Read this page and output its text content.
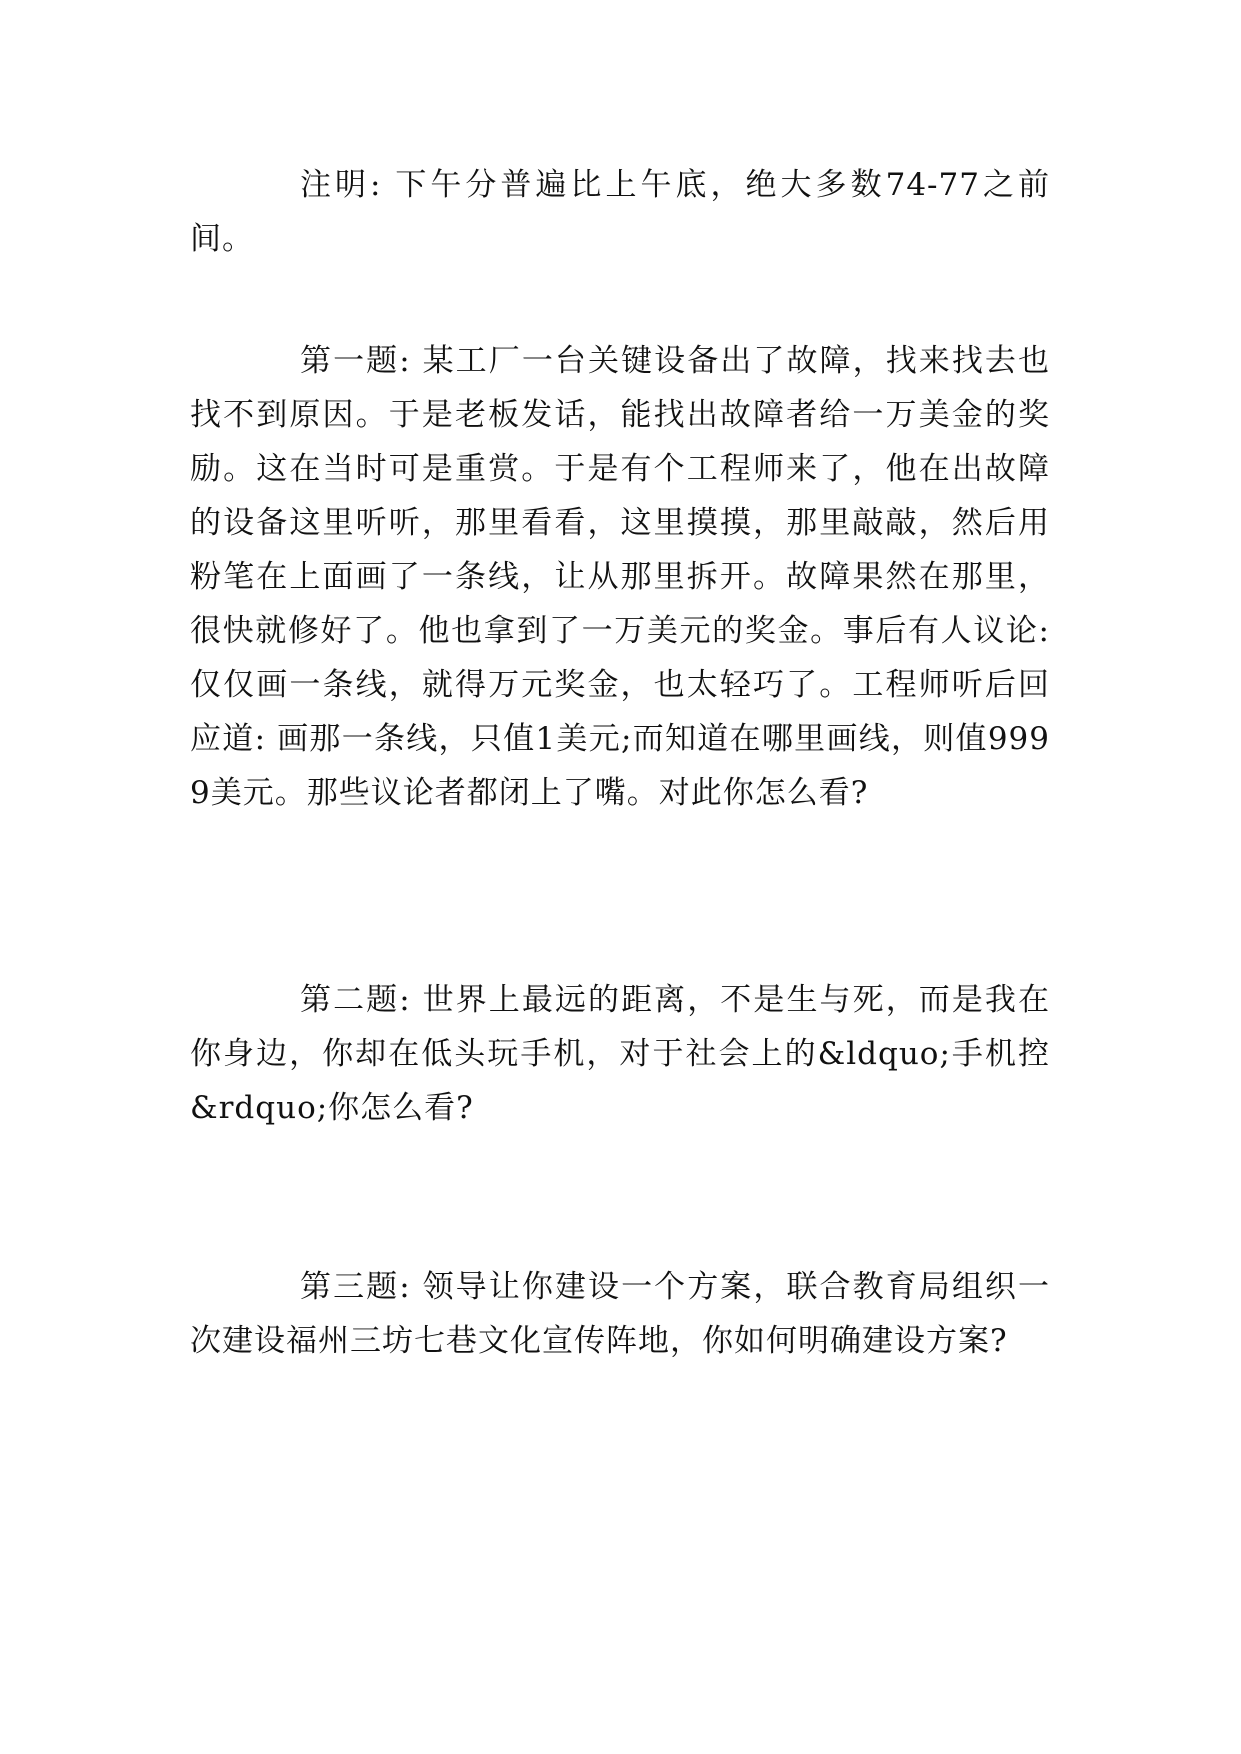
注明: 下午分普遍比上午底，绝大多数74-77之前间。

第一题: 某工厂一台关键设备出了故障，找来找去也找不到原因。于是老板发话，能找出故障者给一万美金的奖励。这在当时可是重赏。于是有个工程师来了，他在出故障的设备这里听听，那里看看，这里摸摸，那里敲敲，然后用粉笔在上面画了一条线，让从那里拆开。故障果然在那里，很快就修好了。他也拿到了一万美元的奖金。事后有人议论: 仅仅画一条线，就得万元奖金，也太轻巧了。工程师听后回应道: 画那一条线，只值1美元;而知道在哪里画线，则值9999美元。那些议论者都闭上了嘴。对此你怎么看?

第二题: 世界上最远的距离，不是生与死，而是我在你身边，你却在低头玩手机，对于社会上的&ldquo;手机控&rdquo;你怎么看?

第三题: 领导让你建设一个方案，联合教育局组织一次建设福州三坊七巷文化宣传阵地，你如何明确建设方案?
